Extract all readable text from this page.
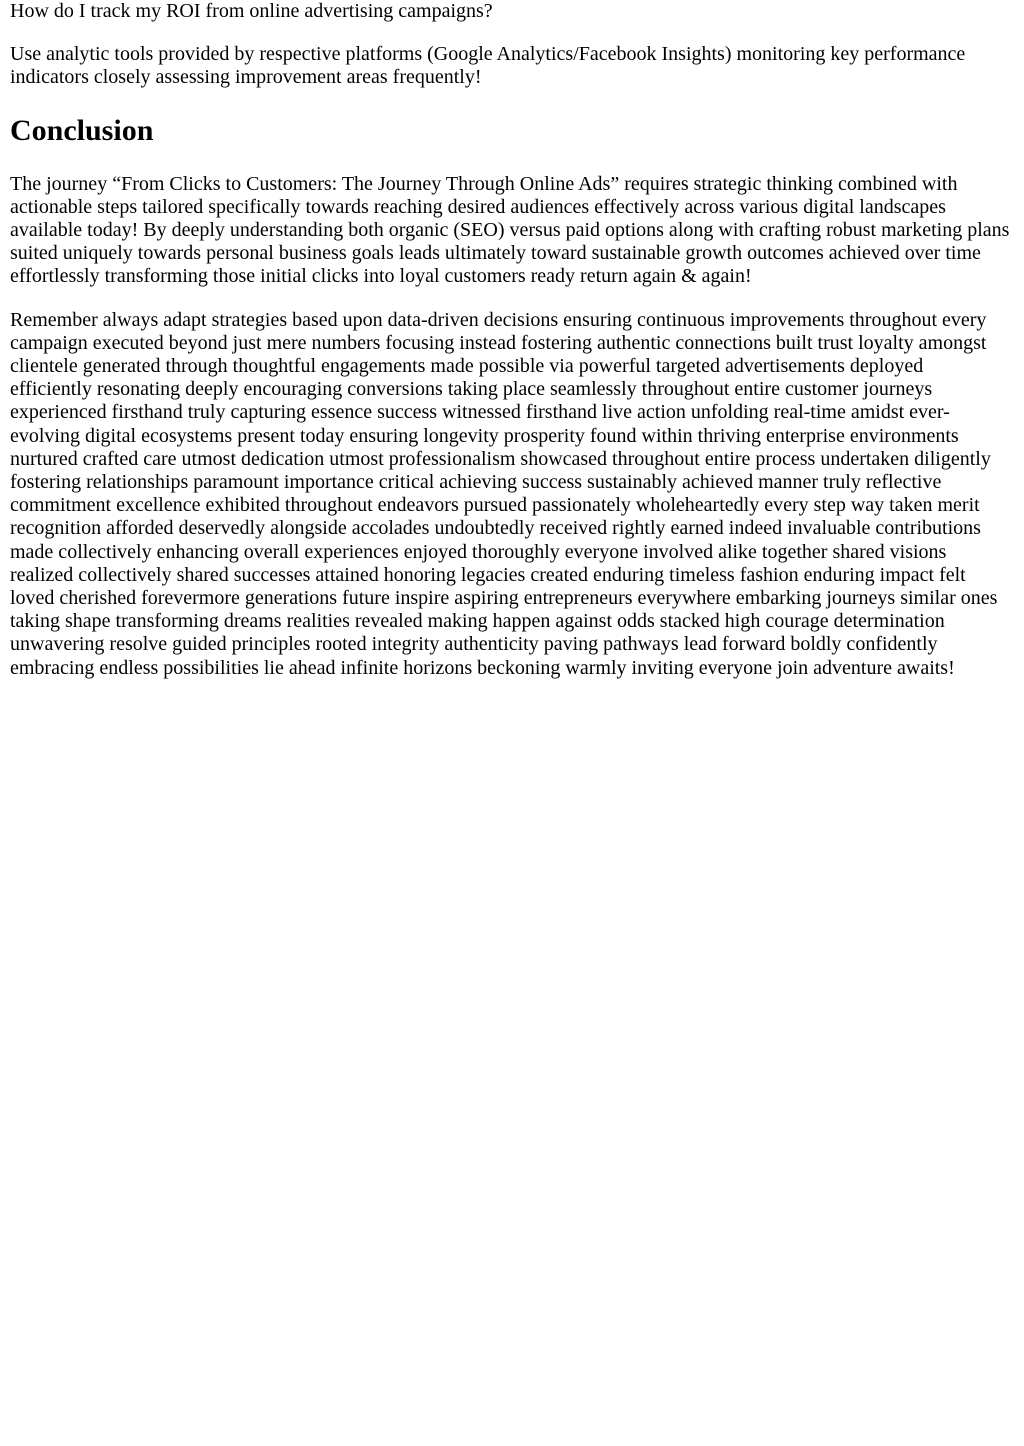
How do I track my ROI from online advertising campaigns?

Use analytic tools provided by respective platforms (Google Analytics/Facebook Insights) monitoring key performance indicators closely assessing improvement areas frequently!

Conclusion

The journey “From Clicks to Customers: The Journey Through Online Ads” requires strategic thinking combined with actionable steps tailored specifically towards reaching desired audiences effectively across various digital landscapes available today! By deeply understanding both organic (SEO) versus paid options along with crafting robust marketing plans suited uniquely towards personal business goals leads ultimately toward sustainable growth outcomes achieved over time effortlessly transforming those initial clicks into loyal customers ready return again & again!

Remember always adapt strategies based upon data-driven decisions ensuring continuous improvements throughout every campaign executed beyond just mere numbers focusing instead fostering authentic connections built trust loyalty amongst clientele generated through thoughtful engagements made possible via powerful targeted advertisements deployed efficiently resonating deeply encouraging conversions taking place seamlessly throughout entire customer journeys experienced firsthand truly capturing essence success witnessed firsthand live action unfolding real-time amidst ever-evolving digital ecosystems present today ensuring longevity prosperity found within thriving enterprise environments nurtured crafted care utmost dedication utmost professionalism showcased throughout entire process undertaken diligently fostering relationships paramount importance critical achieving success sustainably achieved manner truly reflective commitment excellence exhibited throughout endeavors pursued passionately wholeheartedly every step way taken merit recognition afforded deservedly alongside accolades undoubtedly received rightly earned indeed invaluable contributions made collectively enhancing overall experiences enjoyed thoroughly everyone involved alike together shared visions realized collectively shared successes attained honoring legacies created enduring timeless fashion enduring impact felt loved cherished forevermore generations future inspire aspiring entrepreneurs everywhere embarking journeys similar ones taking shape transforming dreams realities revealed making happen against odds stacked high courage determination unwavering resolve guided principles rooted integrity authenticity paving pathways lead forward boldly confidently embracing endless possibilities lie ahead infinite horizons beckoning warmly inviting everyone join adventure awaits!
